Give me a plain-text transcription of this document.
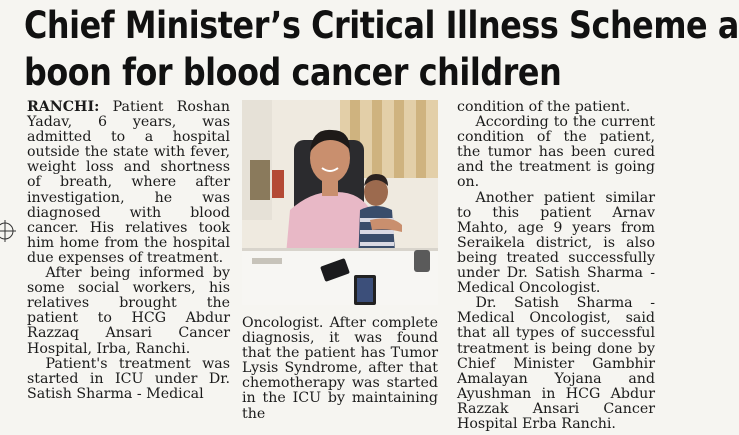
Chief Minister’s Critical Illness Scheme a
boon for blood cancer children

RANCHI: Patient Roshan Yadav, 6 years, was admitted to a hospital outside the state with fever, weight loss and shortness of breath, where after investigation, he was diagnosed with blood cancer. His relatives took him home from the hospital due expenses of treatment.

After being informed by some social workers, his relatives brought the patient to HCG Abdur Razzaq Ansari Cancer Hospital, Irba, Ranchi.

Patient's treatment was started in ICU under Dr. Satish Sharma - Medical

Oncologist. After complete diagnosis, it was found that the patient has Tumor Lysis Syndrome, after that chemotherapy was started in the ICU by maintaining the

condition of the patient.

According to the current condition of the patient, the tumor has been cured and the treatment is going on.

Another patient similar to this patient Arnav Mahto, age 9 years from Seraikela district, is also being treated successfully under Dr. Satish Sharma - Medical Oncologist.

Dr. Satish Sharma - Medical Oncologist, said that all types of successful treatment is being done by Chief Minister Gambhir Amalayan Yojana and Ayushman in HCG Abdur Razzak Ansari Cancer Hospital Erba Ranchi.
